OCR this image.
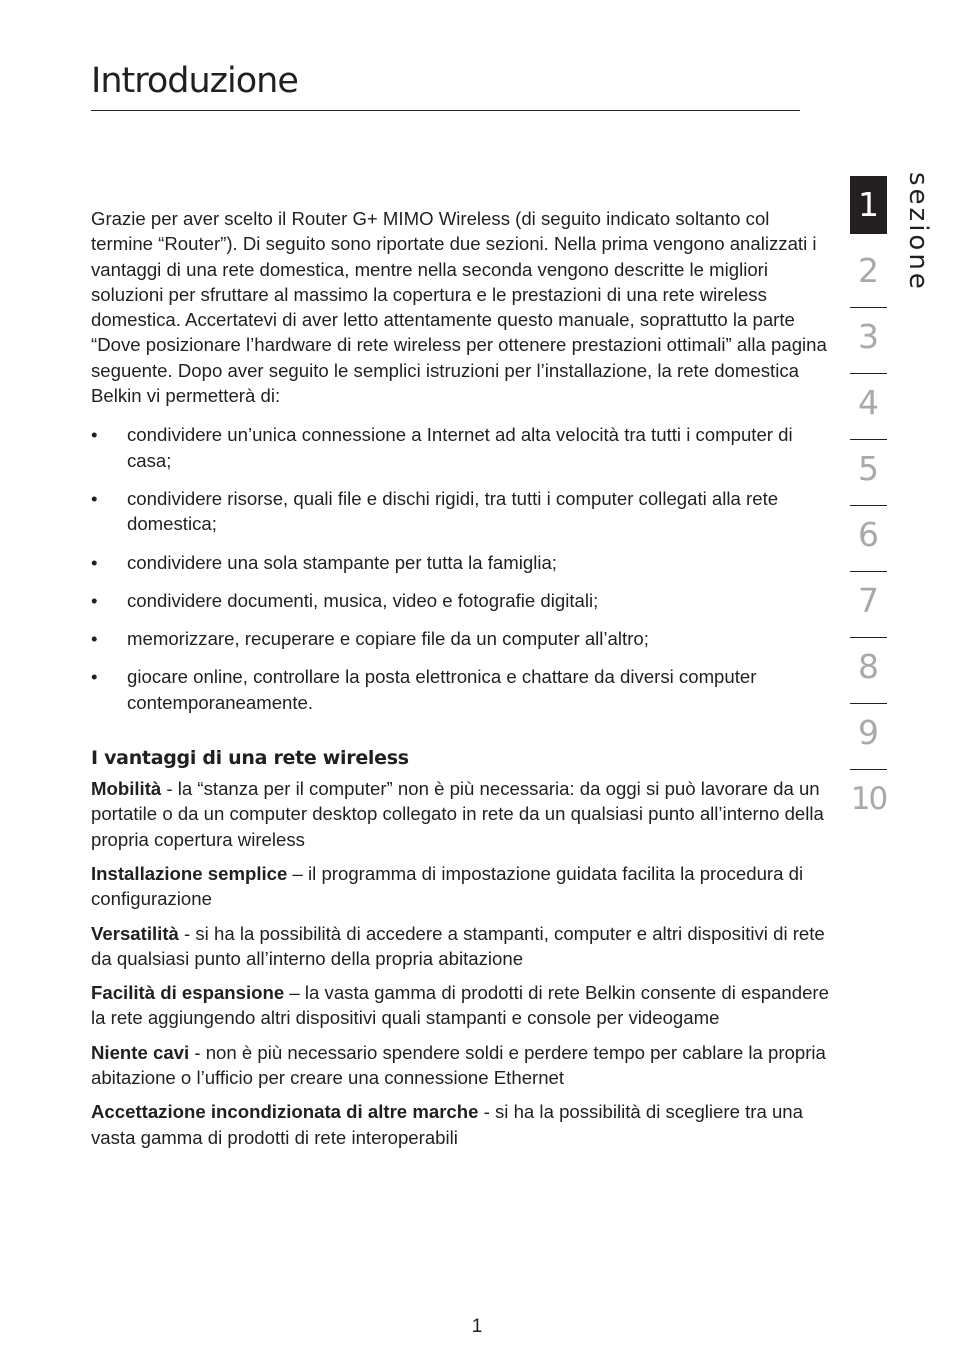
Introduzione

Grazie per aver scelto il Router G+ MIMO Wireless (di seguito indicato soltanto col termine “Router”). Di seguito sono riportate due sezioni. Nella prima vengono analizzati i vantaggi di una rete domestica, mentre nella seconda vengono descritte le migliori soluzioni per sfruttare al massimo la copertura e le prestazioni di una rete wireless domestica. Accertatevi di aver letto attentamente questo manuale, soprattutto la parte “Dove posizionare l’hardware di rete wireless per ottenere prestazioni ottimali” alla pagina seguente. Dopo aver seguito le semplici istruzioni per l’installazione, la rete domestica Belkin vi permetterà di:

• condividere un’unica connessione a Internet ad alta velocità tra tutti i computer di casa;
• condividere risorse, quali file e dischi rigidi, tra tutti i computer collegati alla rete domestica;
• condividere una sola stampante per tutta la famiglia;
• condividere documenti, musica, video e fotografie digitali;
• memorizzare, recuperare e copiare file da un computer all’altro;
• giocare online, controllare la posta elettronica e chattare da diversi computer contemporaneamente.
I vantaggi di una rete wireless

Mobilità - la “stanza per il computer” non è più necessaria: da oggi si può lavorare da un portatile o da un computer desktop collegato in rete da un qualsiasi punto all’interno della propria copertura wireless

Installazione semplice – il programma di impostazione guidata facilita la procedura di configurazione

Versatilità - si ha la possibilità di accedere a stampanti, computer e altri dispositivi di rete da qualsiasi punto all’interno della propria abitazione

Facilità di espansione – la vasta gamma di prodotti di rete Belkin consente di espandere la rete aggiungendo altri dispositivi quali stampanti e console per videogame

Niente cavi - non è più necessario spendere soldi e perdere tempo per cablare la propria abitazione o l’ufficio per creare una connessione Ethernet

Accettazione incondizionata di altre marche - si ha la possibilità di scegliere tra una vasta gamma di prodotti di rete interoperabili

1
2
3
4
5
6
7
8
9
10
sezione
1
